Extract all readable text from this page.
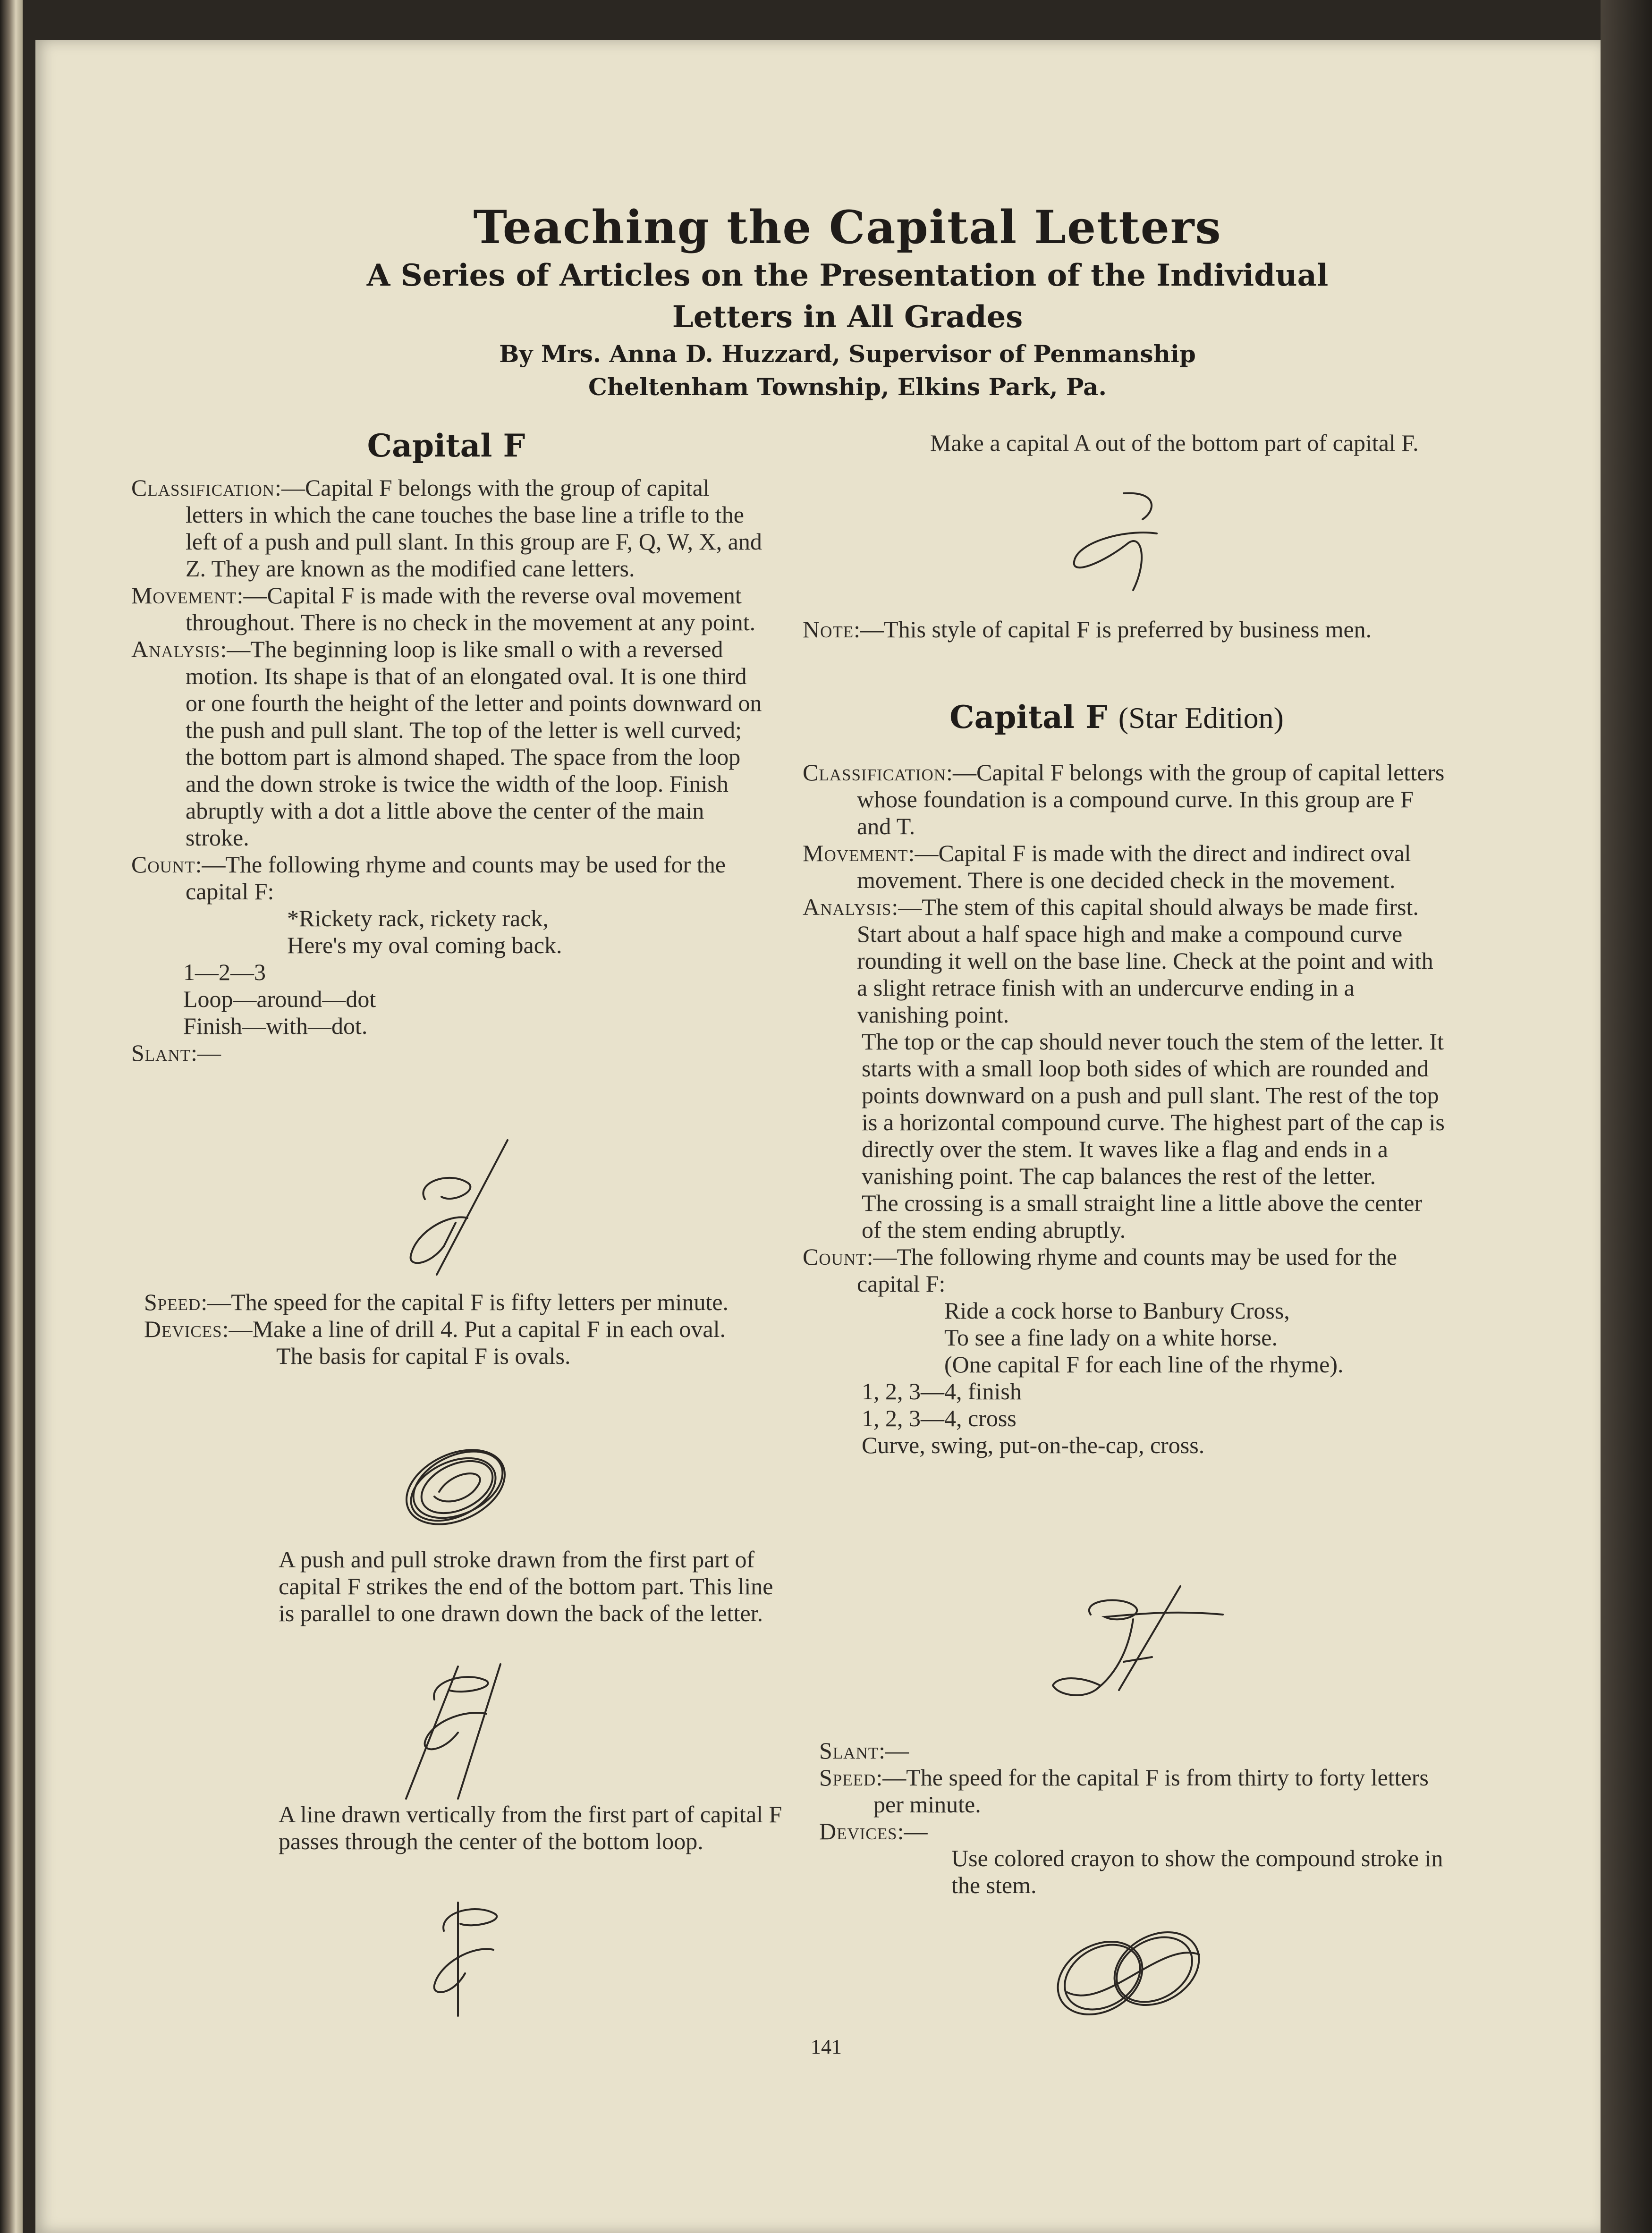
Teaching the Capital Letters
A Series of Articles on the Presentation of the Individual
Letters in All Grades
By Mrs. Anna D. Huzzard, Supervisor of Penmanship
Cheltenham Township, Elkins Park, Pa.
Capital F
Classification:—Capital F belongs with the group of capital letters in which the cane touches the base line a trifle to the left of a push and pull slant. In this group are F, Q, W, X, and Z. They are known as the modified cane letters.
Movement:—Capital F is made with the reverse oval movement throughout. There is no check in the movement at any point.
Analysis:—The beginning loop is like small o with a reversed motion. Its shape is that of an elongated oval. It is one third or one fourth the height of the letter and points downward on the push and pull slant. The top of the letter is well curved; the bottom part is almond shaped. The space from the loop and the down stroke is twice the width of the loop. Finish abruptly with a dot a little above the center of the main stroke.
Count:—The following rhyme and counts may be used for the capital F:
*Rickety rack, rickety rack,
Here's my oval coming back.
1—2—3
Loop—around—dot
Finish—with—dot.
Slant:—
Speed:—The speed for the capital F is fifty letters per minute.
Devices:—Make a line of drill 4. Put a capital F in each oval.
The basis for capital F is ovals.
A push and pull stroke drawn from the first part of capital F strikes the end of the bottom part. This line is parallel to one drawn down the back of the letter.
A line drawn vertically from the first part of capital F passes through the center of the bottom loop.
Make a capital A out of the bottom part of capital F.
Note:—This style of capital F is preferred by business men.
Capital F (Star Edition)
Classification:—Capital F belongs with the group of capital letters whose foundation is a compound curve. In this group are F and T.
Movement:—Capital F is made with the direct and indirect oval movement. There is one decided check in the movement.
Analysis:—The stem of this capital should always be made first. Start about a half space high and make a compound curve rounding it well on the base line. Check at the point and with a slight retrace finish with an undercurve ending in a vanishing point.
The top or the cap should never touch the stem of the letter. It starts with a small loop both sides of which are rounded and points downward on a push and pull slant. The rest of the top is a horizontal compound curve. The highest part of the cap is directly over the stem. It waves like a flag and ends in a vanishing point. The cap balances the rest of the letter.
The crossing is a small straight line a little above the center of the stem ending abruptly.
Count:—The following rhyme and counts may be used for the capital F:
Ride a cock horse to Banbury Cross,
To see a fine lady on a white horse.
(One capital F for each line of the rhyme).
1, 2, 3—4, finish
1, 2, 3—4, cross
Curve, swing, put-on-the-cap, cross.
Slant:—
Speed:—The speed for the capital F is from thirty to forty letters per minute.
Devices:—
Use colored crayon to show the compound stroke in the stem.
141
